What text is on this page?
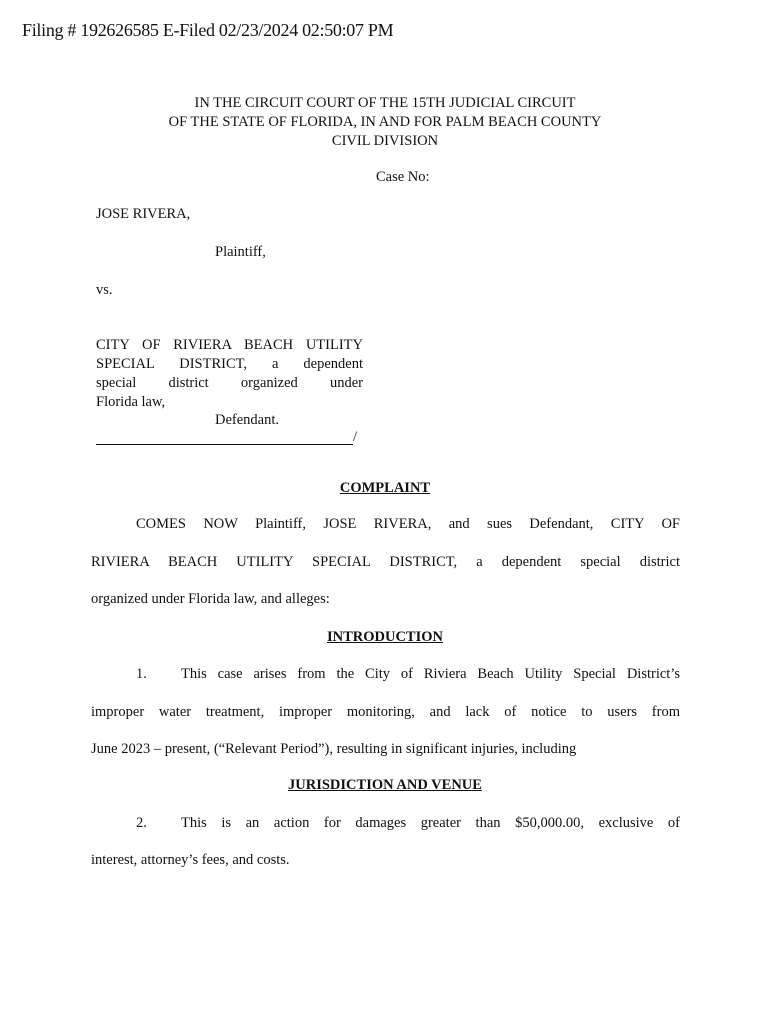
Filing # 192626585 E-Filed 02/23/2024 02:50:07 PM
IN THE CIRCUIT COURT OF THE 15TH JUDICIAL CIRCUIT
OF THE STATE OF FLORIDA, IN AND FOR PALM BEACH COUNTY
CIVIL DIVISION
Case No:
JOSE RIVERA,
Plaintiff,
vs.
CITY OF RIVIERA BEACH UTILITY
SPECIAL DISTRICT, a dependent
special district organized under
Florida law,
Defendant.
/
COMPLAINT
COMES NOW Plaintiff, JOSE RIVERA, and sues Defendant, CITY OF
RIVIERA BEACH UTILITY SPECIAL DISTRICT, a dependent special district
organized under Florida law, and alleges:
INTRODUCTION
1. This case arises from the City of Riviera Beach Utility Special District’s
improper water treatment, improper monitoring, and lack of notice to users from
June 2023 – present, (“Relevant Period”), resulting in significant injuries, including
JURISDICTION AND VENUE
2. This is an action for damages greater than $50,000.00, exclusive of
interest, attorney’s fees, and costs.
